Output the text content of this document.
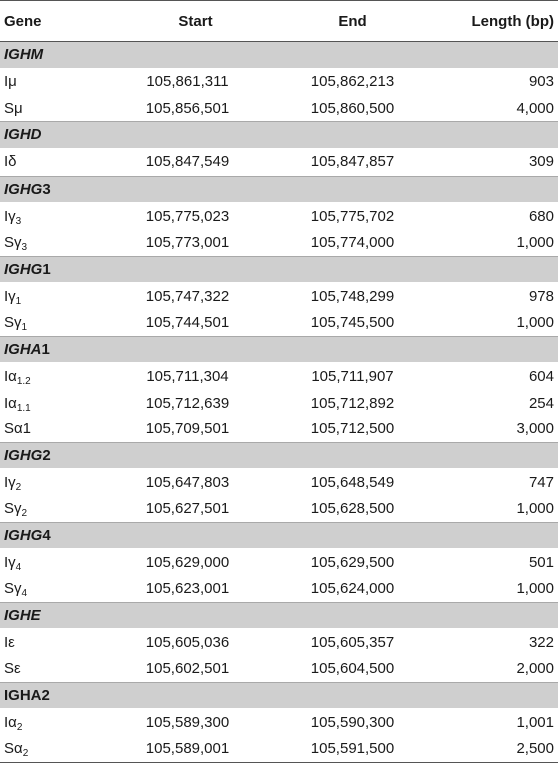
Gene	Start	End	Length (bp)
IGHM			
Iμ	105,861,311	105,862,213	903
Sμ	105,856,501	105,860,500	4,000
IGHD			
Iδ	105,847,549	105,847,857	309
IGHG3			
$I\gamma_3$	105,775,023	105,775,702	680
$S\gamma_3$	105,773,001	105,774,000	1,000
IGHG1			
$I\gamma_1$	105,747,322	105,748,299	978
$S\gamma_1$	105,744,501	105,745,500	1,000
IGHA1			
$I\alpha_{1.2}$	105,711,304	105,711,907	604
$I\alpha_{1.1}$	105,712,639	105,712,892	254
Sα1	105,709,501	105,712,500	3,000
IGHG2			
$I\gamma_2$	105,647,803	105,648,549	747
$S\gamma_2$	105,627,501	105,628,500	1,000
IGHG4			
$I\gamma_4$	105,629,000	105,629,500	501
$S\gamma_4$	105,623,001	105,624,000	1,000
IGHE			
Iε	105,605,036	105,605,357	322
Sε	105,602,501	105,604,500	2,000
IGHA2			
$I\alpha_2$	105,589,300	105,590,300	1,001
$S\alpha_2$	105,589,001	105,591,500	2,500
